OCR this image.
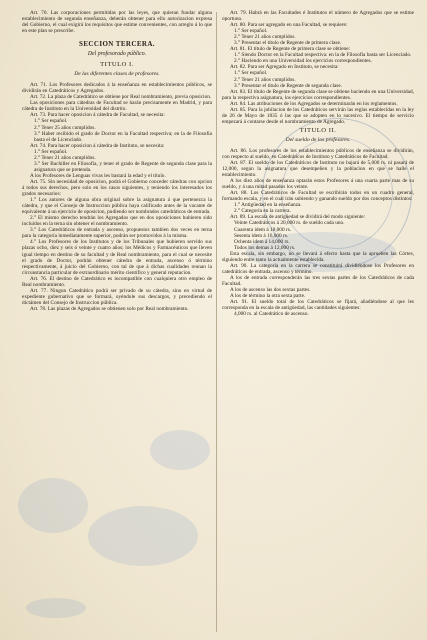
Art. 70. Las corporaciones permitidas por las leyes, que quieran fundar alguna establecimiento de segunda enseñanza, deberán obtener para ello autorizacion expresa del Gobierno, el cual exigirá los requisitos que estime convenientes, con arreglo á lo que en este plan se prescribe.

SECCION TERCERA.
Del profesorado público.
TITULO I.
De las diferentes clases de profesores.

Art. 71. Los Profesores dedicados á la enseñanza en establecimientos públicos, se dividirán en Catedráticos y Agregados.

Art. 72. La plaza de Catedrático se obtiene por Real nombramiento, previa oposicion.

Las oposiciones para cátedras de Facultad se harán precisamente en Madrid, y para cátedra de Instituto en la Universidad del distrito.

Art. 73. Para hacer oposicion á cátedra de Facultad, se necesita:

1.° Ser español.

2.° Tener 25 años cumplidos.

3.° Haber recibido el grado de Doctor en la Facultad respectiva; en la de Filosofía basta el de Licenciado.

Art. 74. Para hacer oposicion á cátedra de Instituto, se necesita:

1.° Ser español.

2.° Tener 21 años cumplidos.

3.° Ser Bachiller en Filosofía, y tener el grado de Regente de segunda clase para la asignatura que se pretenda.

A los Profesores de Lenguas vivas les bastará la edad y el título.

Art. 75. Sin necesidad de oposicion, podrá el Gobierno conceder cátedras con opcion á todos sus derechos, pero solo en los casos siguientes, y teniendo los interesados los grados necesarios:

1.° Los autores de alguna obra original sobre la asignatura á que pertenezca la cátedra, y que el Consejo de Instruccion pública haya calificado antes de la vacante de equivalente á un ejercicio de oposicion, pudiendo ser nombrados catedráticos de entrada.

2.° El mismo derecho tendrán los Agregados que en dos oposiciones hubieren sido incluidos en la terna sin obtener el nombramiento.

3.° Los Catedráticos de entrada y ascenso, propuestos tambien dos veces en terna para la categoría inmediatamente superior, podrán ser promovidos á la misma.

4.° Los Profesores de los Institutos y de los Tribunales que hubieren servido sus plazas ocho, diez y seis ó veinte y cuatro años; los Médicos y Farmacéuticos que lleven igual tiempo en destino de su facultad y de Real nombramiento, para el cual se necesite el grado de Doctor, podrán obtener cátedra de entrada, ascenso ó término respectivamente, á juicio del Gobierno, con tal de que á dichas cualidades reunan la circunstancia particular de extraordinario mérito científico y general reputacion.

Art. 76. El destino de Catedrático es incompatible con cualquiera otro empleo de Real nombramiento.

Art. 77. Ningun Catedrático podrá ser privado de su cátedra, sino en virtud de expediente gubernativo que se formará, oyéndole sus descargos, y precediendo el dictámen del Consejo de Instruccion pública.

Art. 78. Las plazas de Agregados se obtienen solo por Real nombramiento.

Art. 79. Habrá en las Facultades é Institutos el número de Agregados que se estime oportuno.

Art. 80. Para ser agregado en una Facultad, se requiere:

1.° Ser español.

2.° Tener 21 años cumplidos.

3.° Presentar el título de Regente de primera clase.

Art. 81. El título de Regente de primera clase se obtiene:

1.° Siendo Doctor en la Facultad respectiva: en la de Filosofía basta ser Licenciado.

2.° Haciendo en una Universidad los ejercicios correspondientes.

Art. 82. Para ser Agregado en Instituto, se necesita:

1.° Ser español.

2.° Tener 21 años cumplidos.

3.° Presentar el título de Regente de segunda clase.

Art. 83. El título de Regente de segunda clase se obtiene haciendo en una Universidad, para la respectiva asignatura, los ejercicios correspondientes.

Art. 84. Las atribuciones de los Agregados se determinarán en los reglamentos.

Art. 85. Para la jubilacion de los Catedráticos servirán las reglas establecidas en la ley de 26 de Mayo de 1835 ó las que se adopten en lo sucesivo. El tiempo de servicio empezará á contarse desde el nombramiento de Agregado.

TITULO II.
Del sueldo de los profesores.

Art. 86. Los profesores de los establecimientos públicos de enseñanza se dividirán, con respecto al sueldo, en Catedráticos de Instituto y Catedráticos de Facultad.

Art. 87. El sueldo de los Catedráticos de Instituto no bajará de 5,000 rs. ni pasará de 12,000, segun la asignatura que desempeñen y la poblacion en que se halle el establecimiento.

A los diez años de enseñanza optarán estos Profesores á una cuarta parte mas de su sueldo, y á una mitad pasados los veinte.

Art. 88. Los Catedráticos de Facultad se escribirán todos en un cuadro general, formando escala, y en el cual irán subiendo y ganando sueldo por dos conceptos distintos:

1.° Antigüedad en la enseñanza.

2.° Categoría en la carrera.

Art. 89. La escala de antigüedad se dividirá del modo siguiente:

Veinte Catedráticos á 20,000 rs. de sueldo cada uno.

Cuarenta idem á 18,000 rs.

Sesenta idem á 16,000 rs.

Ochenta idem á 14,000 rs.

Todos los demas á 12,000 rs.

Esta escala, sin embargo, no se llevará á efecto hasta que la aprueben las Córtes, siguiendo entre tanto la actualmente establecida.

Art. 90. La categoría en la carrera se constituirá dividiéndose los Profesores en catedráticos de entrada, ascenso y término.

A los de entrada corresponderán las tres sextas partes de los Catedráticos de cada Facultad.

A los de ascenso las dos sextas partes.

A los de término la otra sexta parte.

Art. 91. El sueldo total de los Catedráticos se fijará, añadiéndose al que les corresponda en la escala de antigüedad, las cantidades siguientes:

4,000 rs. al Catedrático de ascenso.
